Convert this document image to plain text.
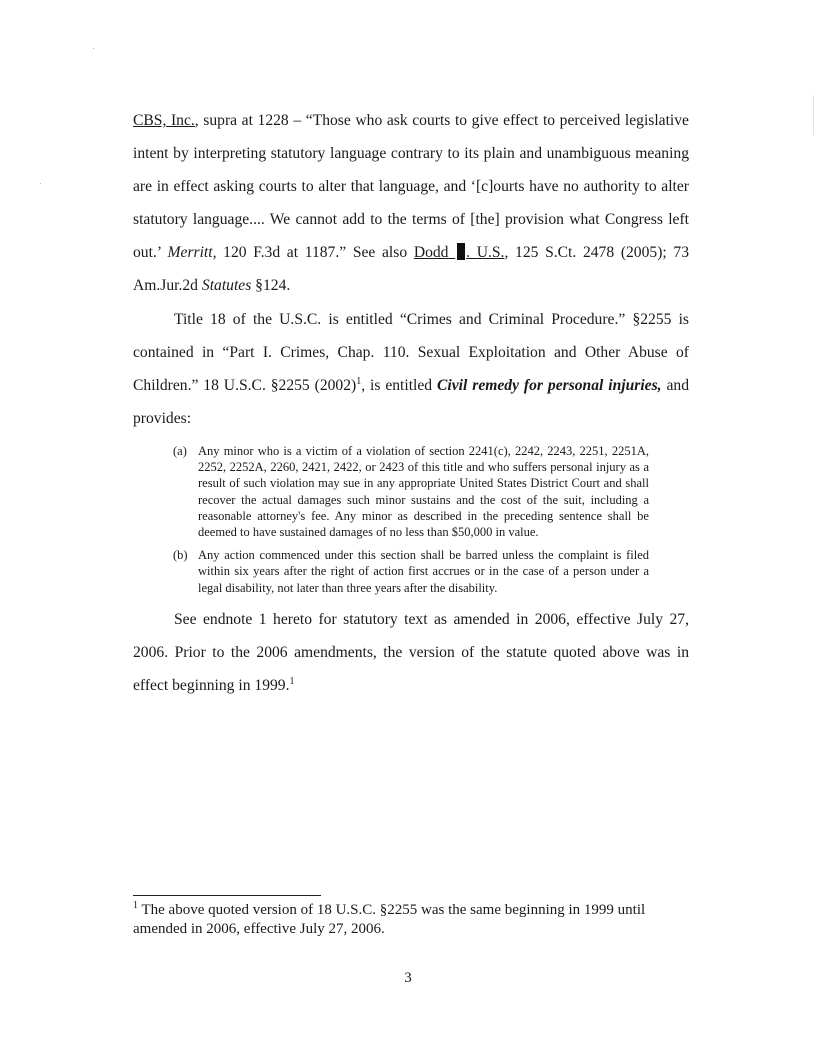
CBS, Inc., supra at 1228 – “Those who ask courts to give effect to perceived legislative intent by interpreting statutory language contrary to its plain and unambiguous meaning are in effect asking courts to alter that language, and ‘[c]ourts have no authority to alter statutory language.... We cannot add to the terms of [the] provision what Congress left out.’ Merritt, 120 F.3d at 1187.” See also Dodd . U.S., 125 S.Ct. 2478 (2005); 73 Am.Jur.2d Statutes §124.

Title 18 of the U.S.C. is entitled “Crimes and Criminal Procedure.” §2255 is contained in “Part I. Crimes, Chap. 110. Sexual Exploitation and Other Abuse of Children.” 18 U.S.C. §2255 $(2002)^1$, is entitled Civil remedy for personal injuries, and provides:

(a) Any minor who is a victim of a violation of section 2241(c), 2242, 2243, 2251, 2251A, 2252, 2252A, 2260, 2421, 2422, or 2423 of this title and who suffers personal injury as a result of such violation may sue in any appropriate United States District Court and shall recover the actual damages such minor sustains and the cost of the suit, including a reasonable attorney's fee. Any minor as described in the preceding sentence shall be deemed to have sustained damages of no less than $50,000 in value.
(b) Any action commenced under this section shall be barred unless the complaint is filed within six years after the right of action first accrues or in the case of a person under a legal disability, not later than three years after the disability.

See endnote 1 hereto for statutory text as amended in 2006, effective July 27, 2006. Prior to the 2006 amendments, the version of the statute quoted above was in effect beginning in 1999.$^1$

$^1$ The above quoted version of 18 U.S.C. §2255 was the same beginning in 1999 until amended in 2006, effective July 27, 2006.

3
